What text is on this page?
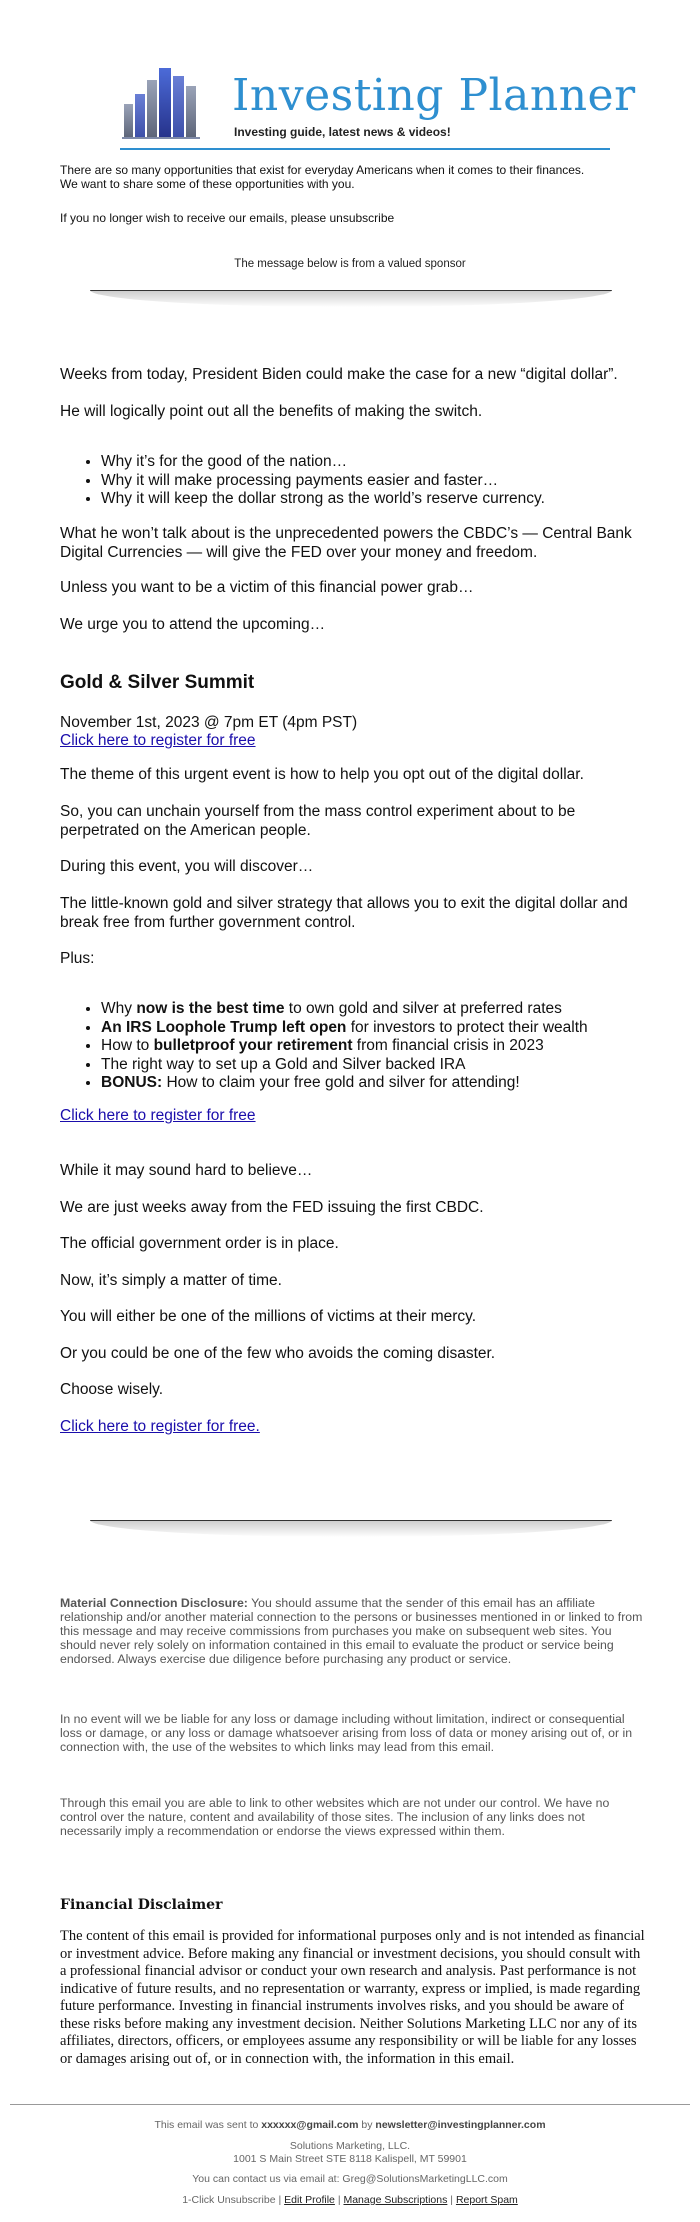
Investing Planner
Investing guide, latest news & videos!
There are so many opportunities that exist for everyday Americans when it comes to their finances.
We want to share some of these opportunities with you.
If you no longer wish to receive our emails, please unsubscribe
The message below is from a valued sponsor

Weeks from today, President Biden could make the case for a new “digital dollar”.

He will logically point out all the benefits of making the switch.

• Why it’s for the good of the nation…
• Why it will make processing payments easier and faster…
• Why it will keep the dollar strong as the world’s reserve currency.

What he won’t talk about is the unprecedented powers the CBDC’s — Central Bank Digital Currencies — will give the FED over your money and freedom.

Unless you want to be a victim of this financial power grab…

We urge you to attend the upcoming…

Gold & Silver Summit

November 1st, 2023 @ 7pm ET (4pm PST)

Click here to register for free

The theme of this urgent event is how to help you opt out of the digital dollar.

So, you can unchain yourself from the mass control experiment about to be perpetrated on the American people.

During this event, you will discover…

The little-known gold and silver strategy that allows you to exit the digital dollar and break free from further government control.

Plus:

• Why now is the best time to own gold and silver at preferred rates
• An IRS Loophole Trump left open for investors to protect their wealth
• How to bulletproof your retirement from financial crisis in 2023
• The right way to set up a Gold and Silver backed IRA
• BONUS: How to claim your free gold and silver for attending!

Click here to register for free

While it may sound hard to believe…

We are just weeks away from the FED issuing the first CBDC.

The official government order is in place.

Now, it’s simply a matter of time.

You will either be one of the millions of victims at their mercy.

Or you could be one of the few who avoids the coming disaster.

Choose wisely.

Click here to register for free.

Material Connection Disclosure: You should assume that the sender of this email has an affiliate relationship and/or another material connection to the persons or businesses mentioned in or linked to from this message and may receive commissions from purchases you make on subsequent web sites. You should never rely solely on information contained in this email to evaluate the product or service being endorsed. Always exercise due diligence before purchasing any product or service.

In no event will we be liable for any loss or damage including without limitation, indirect or consequential loss or damage, or any loss or damage whatsoever arising from loss of data or money arising out of, or in connection with, the use of the websites to which links may lead from this email.

Through this email you are able to link to other websites which are not under our control. We have no control over the nature, content and availability of those sites. The inclusion of any links does not necessarily imply a recommendation or endorse the views expressed within them.

Financial Disclaimer

The content of this email is provided for informational purposes only and is not intended as financial or investment advice. Before making any financial or investment decisions, you should consult with a professional financial advisor or conduct your own research and analysis. Past performance is not indicative of future results, and no representation or warranty, express or implied, is made regarding future performance. Investing in financial instruments involves risks, and you should be aware of these risks before making any investment decision. Neither Solutions Marketing LLC nor any of its affiliates, directors, officers, or employees assume any responsibility or will be liable for any losses or damages arising out of, or in connection with, the information in this email.

This email was sent to xxxxxx@gmail.com by newsletter@investingplanner.com

Solutions Marketing, LLC.

1001 S Main Street STE 8118 Kalispell, MT 59901

You can contact us via email at: Greg@SolutionsMarketingLLC.com

1-Click Unsubscribe | Edit Profile | Manage Subscriptions | Report Spam
